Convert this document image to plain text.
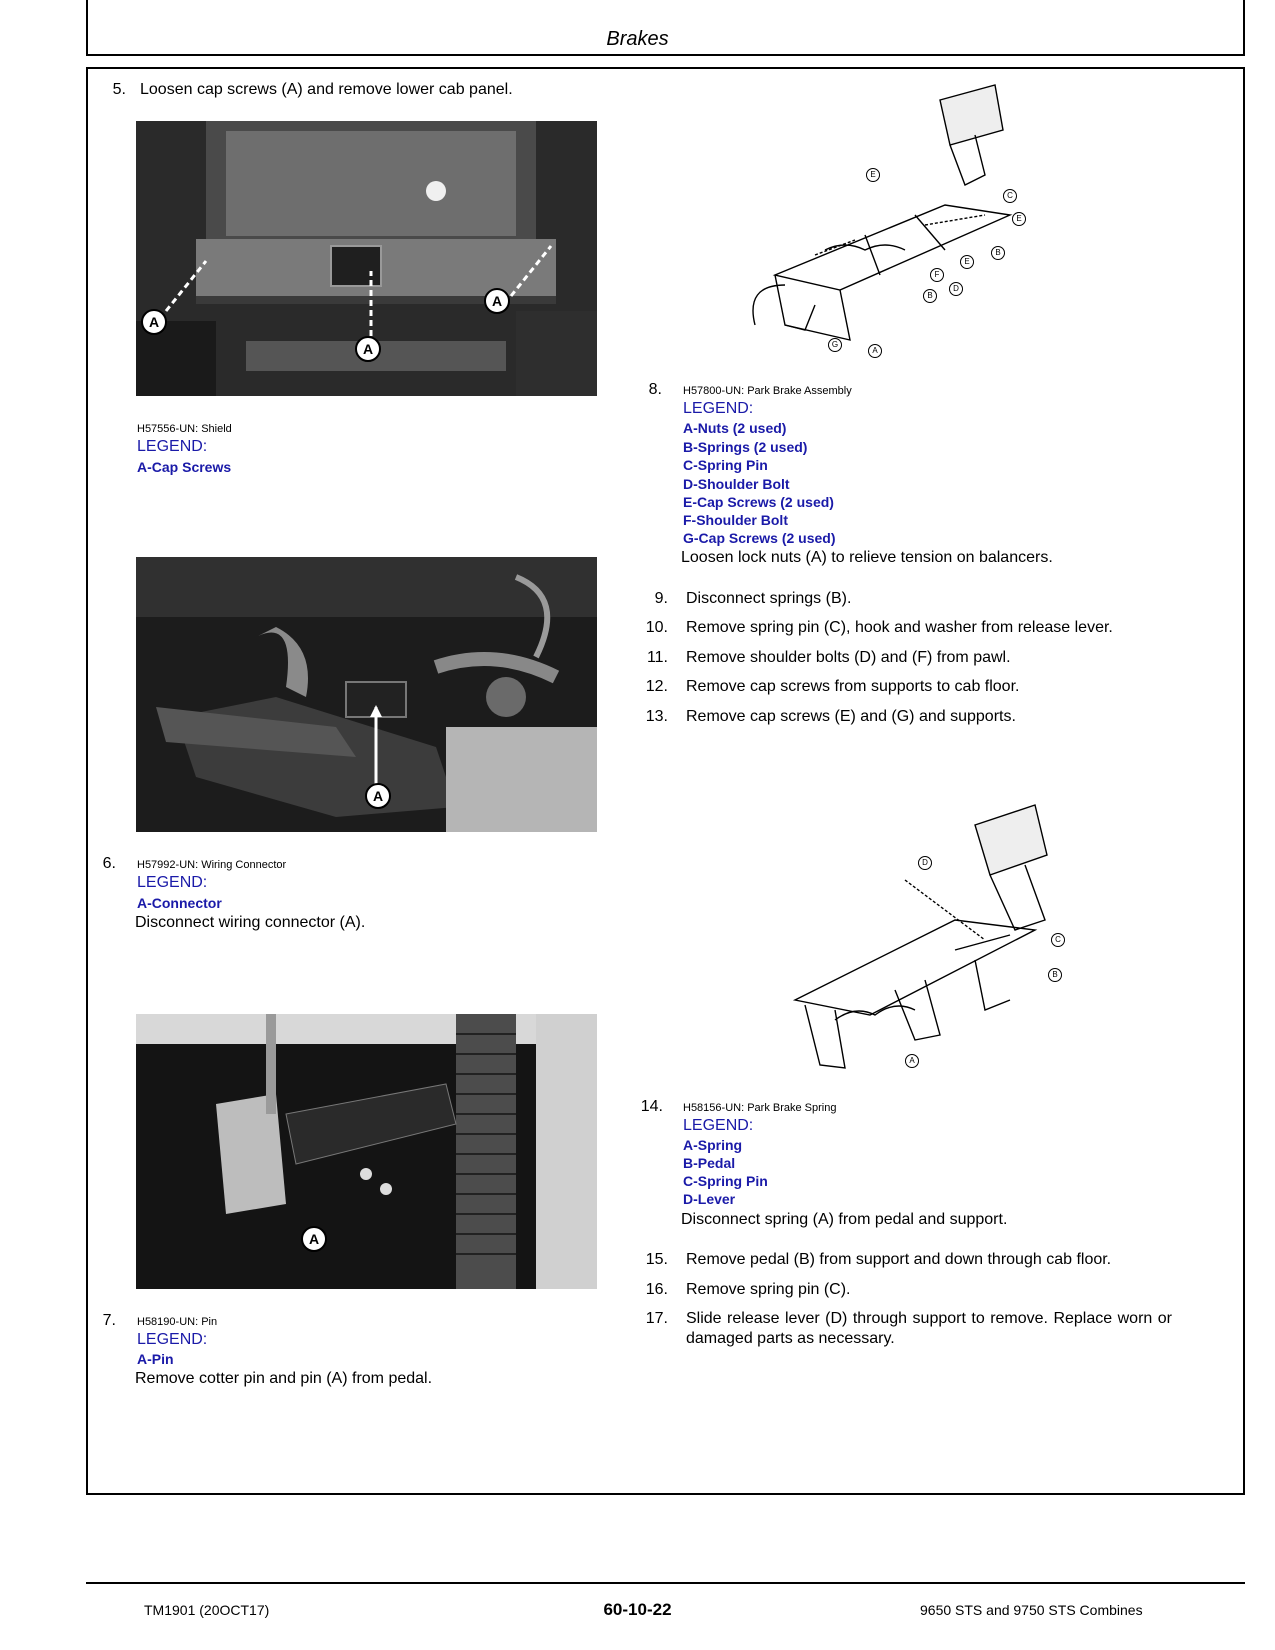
Brakes
5. Loosen cap screws (A) and remove lower cab panel.
A
A
A
H57556-UN: Shield
LEGEND:
A-Cap Screws
A
6. H57992-UN: Wiring Connector
LEGEND:
A-Connector
Disconnect wiring connector (A).
A
7. H58190-UN: Pin
LEGEND:
A-Pin
Remove cotter pin and pin (A) from pedal.
E
C
E
B
E
F
B
D
G
A
8. H57800-UN: Park Brake Assembly
LEGEND:
A-Nuts (2 used)
B-Springs (2 used)
C-Spring Pin
D-Shoulder Bolt
E-Cap Screws (2 used)
F-Shoulder Bolt
G-Cap Screws (2 used)
Loosen lock nuts (A) to relieve tension on balancers.
9. Disconnect springs (B).
10. Remove spring pin (C), hook and washer from release lever.
11. Remove shoulder bolts (D) and (F) from pawl.
12. Remove cap screws from supports to cab floor.
13. Remove cap screws (E) and (G) and supports.
D
C
B
A
14. H58156-UN: Park Brake Spring
LEGEND:
A-Spring
B-Pedal
C-Spring Pin
D-Lever
Disconnect spring (A) from pedal and support.
15. Remove pedal (B) from support and down through cab floor.
16. Remove spring pin (C).
17. Slide release lever (D) through support to remove. Replace worn or damaged parts as necessary.
TM1901 (20OCT17)	60-10-22	9650 STS and 9750 STS Combines
